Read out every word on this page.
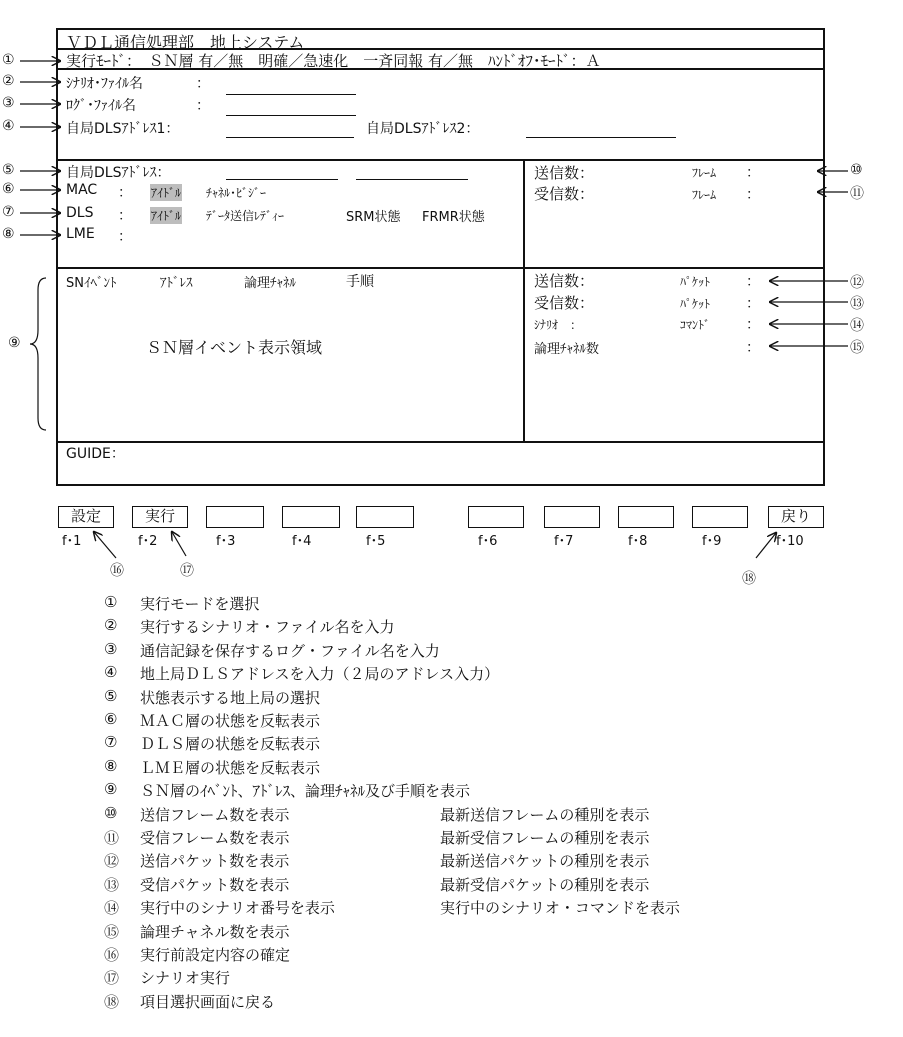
ＶＤＬ通信処理部　地上システム
実行ﾓｰﾄﾞ：　ＳＮ層 有／無　明確／急速化　一斉同報 有／無　ﾊﾝﾄﾞｵﾌ･ﾓｰﾄﾞ：Ａ
ｼﾅﾘｵ･ﾌｧｲﾙ名	：
ﾛｸﾞ･ﾌｧｲﾙ名	：
自局DLSｱﾄﾞﾚｽ1：	自局DLSｱﾄﾞﾚｽ2：
自局DLSｱﾄﾞﾚｽ：
MAC ： ｱｲﾄﾞﾙ ﾁｬﾈﾙ･ﾋﾞｼﾞｰ
DLS ： ｱｲﾄﾞﾙ ﾃﾞｰﾀ送信ﾚﾃﾞｨｰ	SRM状態 FRMR状態
LME ：
送信数：	ﾌﾚｰﾑ ：
受信数：	ﾌﾚｰﾑ ：
SNｲﾍﾞﾝﾄ	ｱﾄﾞﾚｽ	論理ﾁｬﾈﾙ	手順
ＳＮ層イベント表示領域
送信数：	ﾊﾟｹｯﾄ	：
受信数：	ﾊﾟｹｯﾄ	：
ｼﾅﾘｵ　：	ｺﾏﾝﾄﾞ	：
論理ﾁｬﾈﾙ数	：
GUIDE：
設定	実行	戻り
f･1	f･2	f･3	f･4	f･5	f･6	f･7	f･8	f･9	f･10
①
②
③
④
⑤
⑥
⑦
⑧
⑨
⑩
⑪
⑫
⑬
⑭
⑮
⑯	⑰	⑱
① 実行モードを選択
② 実行するシナリオ・ファイル名を入力
③ 通信記録を保存するログ・ファイル名を入力
④ 地上局ＤＬＳアドレスを入力（２局のアドレス入力）
⑤ 状態表示する地上局の選択
⑥ ＭＡＣ層の状態を反転表示
⑦ ＤＬＳ層の状態を反転表示
⑧ ＬＭＥ層の状態を反転表示
⑨ ＳＮ層のｲﾍﾞﾝﾄ、ｱﾄﾞﾚｽ、論理ﾁｬﾈﾙ及び手順を表示
⑩ 送信フレーム数を表示	最新送信フレームの種別を表示
⑪ 受信フレーム数を表示	最新受信フレームの種別を表示
⑫ 送信パケット数を表示	最新送信パケットの種別を表示
⑬ 受信パケット数を表示	最新受信パケットの種別を表示
⑭ 実行中のシナリオ番号を表示	実行中のシナリオ・コマンドを表示
⑮ 論理チャネル数を表示
⑯ 実行前設定内容の確定
⑰ シナリオ実行
⑱ 項目選択画面に戻る
